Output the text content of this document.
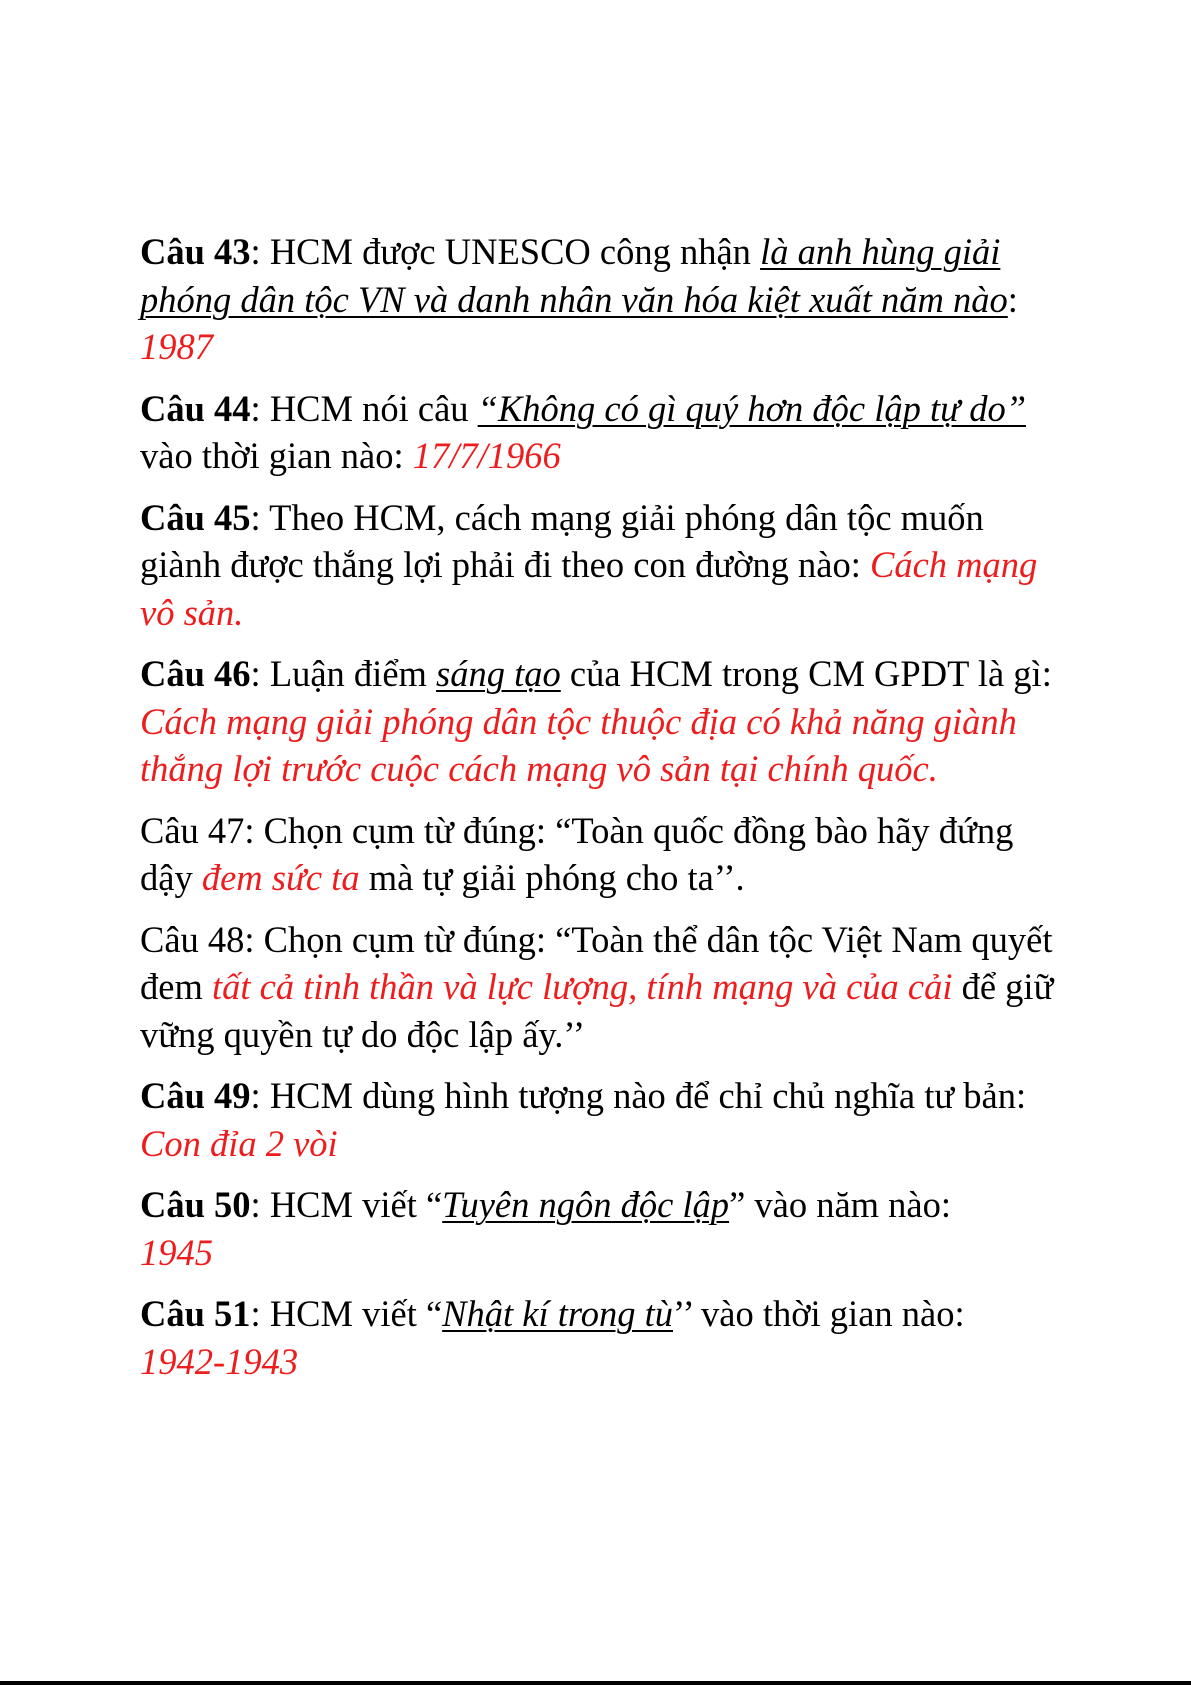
Câu 43: HCM được UNESCO công nhận là anh hùng giải phóng dân tộc VN và danh nhân văn hóa kiệt xuất năm nào: 1987

Câu 44: HCM nói câu “Không có gì quý hơn độc lập tự do” vào thời gian nào: 17/7/1966

Câu 45: Theo HCM, cách mạng giải phóng dân tộc muốn giành được thắng lợi phải đi theo con đường nào: Cách mạng vô sản.

Câu 46: Luận điểm sáng tạo của HCM trong CM GPDT là gì: Cách mạng giải phóng dân tộc thuộc địa có khả năng giành thắng lợi trước cuộc cách mạng vô sản tại chính quốc.

Câu 47: Chọn cụm từ đúng: “Toàn quốc đồng bào hãy đứng dậy đem sức ta mà tự giải phóng cho ta’’.

Câu 48: Chọn cụm từ đúng: “Toàn thể dân tộc Việt Nam quyết đem tất cả tinh thần và lực lượng, tính mạng và của cải để giữ vững quyền tự do độc lập ấy.’’

Câu 49: HCM dùng hình tượng nào để chỉ chủ nghĩa tư bản: Con đỉa 2 vòi

Câu 50: HCM viết “Tuyên ngôn độc lập” vào năm nào:
1945

Câu 51: HCM viết “Nhật kí trong tù’’ vào thời gian nào:
1942-1943
